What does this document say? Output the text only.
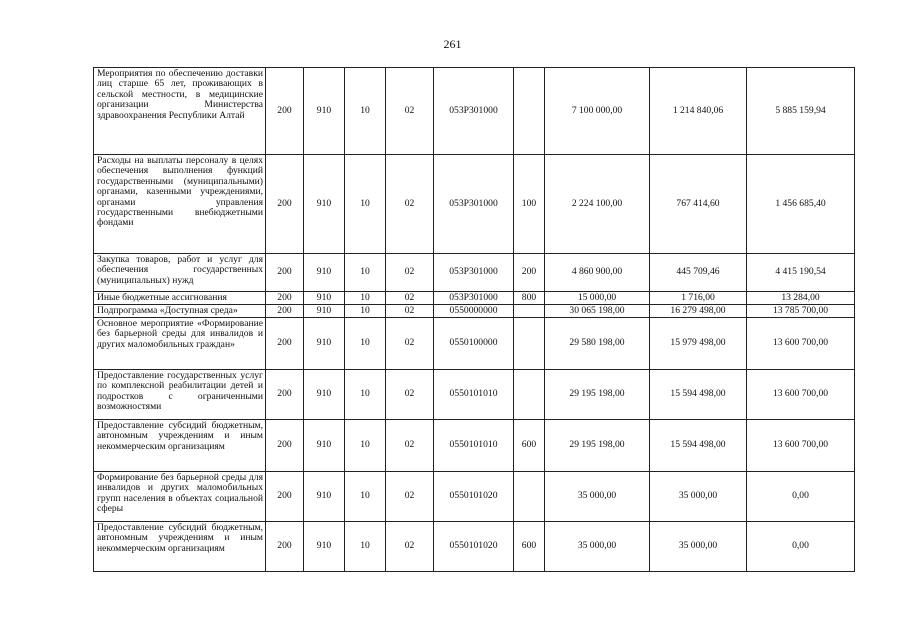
261
Мероприятия по обеспечению доставки лиц старше 65 лет, проживающих в сельской местности, в медицинские организации Министерства здравоохранения Республики Алтай	200	910	10	02	053P301000		7 100 000,00	1 214 840,06	5 885 159,94
Расходы на выплаты персоналу в целях обеспечения выполнения функций государственными (муниципальными) органами, казенными учреждениями, органами управления государственными внебюджетными фондами	200	910	10	02	053P301000	100	2 224 100,00	767 414,60	1 456 685,40
Закупка товаров, работ и услуг для обеспечения государственных (муниципальных) нужд	200	910	10	02	053P301000	200	4 860 900,00	445 709,46	4 415 190,54
Иные бюджетные ассигнования	200	910	10	02	053P301000	800	15 000,00	1 716,00	13 284,00
Подпрограмма «Доступная среда»	200	910	10	02	0550000000		30 065 198,00	16 279 498,00	13 785 700,00
Основное мероприятие «Формирование без барьерной среды для инвалидов и других маломобильных граждан»	200	910	10	02	0550100000		29 580 198,00	15 979 498,00	13 600 700,00
Предоставление государственных услуг по комплексной реабилитации детей и подростков с ограниченными возможностями	200	910	10	02	0550101010		29 195 198,00	15 594 498,00	13 600 700,00
Предоставление субсидий бюджетным, автономным учреждениям и иным некоммерческим организациям	200	910	10	02	0550101010	600	29 195 198,00	15 594 498,00	13 600 700,00
Формирование без барьерной среды для инвалидов и других маломобильных групп населения в объектах социальной сферы	200	910	10	02	0550101020		35 000,00	35 000,00	0,00
Предоставление субсидий бюджетным, автономным учреждениям и иным некоммерческим организациям	200	910	10	02	0550101020	600	35 000,00	35 000,00	0,00
